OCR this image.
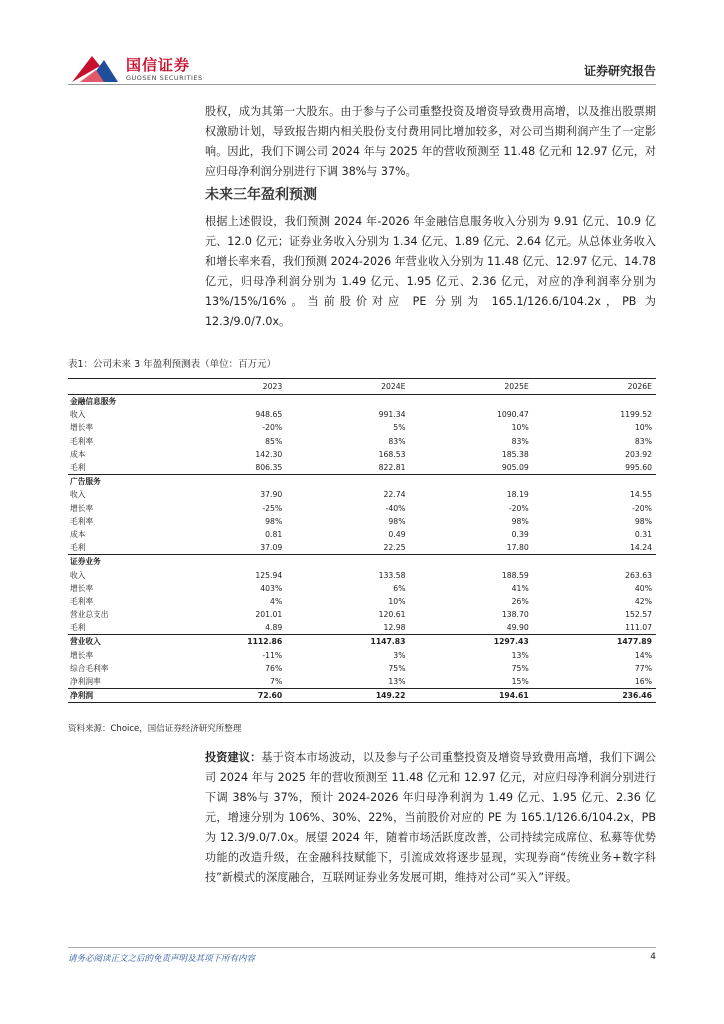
国信证券
GUOSEN SECURITIES	证券研究报告

股权，成为其第一大股东。由于参与子公司重整投资及增资导致费用高增，以及推出股票期权激励计划，导致报告期内相关股份支付费用同比增加较多，对公司当期利润产生了一定影响。因此，我们下调公司 2024 年与 2025 年的营收预测至 11.48 亿元和 12.97 亿元，对应归母净利润分别进行下调 38%与 37%。

未来三年盈利预测

根据上述假设，我们预测 2024 年-2026 年金融信息服务收入分别为 9.91 亿元、10.9 亿元、12.0 亿元；证券业务收入分别为 1.34 亿元、1.89 亿元、2.64 亿元。从总体业务收入和增长率来看，我们预测 2024-2026 年营业收入分别为 11.48 亿元、12.97 亿元、14.78 亿元，归母净利润分别为 1.49 亿元、1.95 亿元、2.36 亿元，对应的净利润率分别为 13%/15%/16%。当前股价对应 PE 分别为 165.1/126.6/104.2x，PB 为 12.3/9.0/7.0x。

表1：公司未来 3 年盈利预测表（单位：百万元）
	2023	2024E	2025E	2026E
金融信息服务				
收入	948.65	991.34	1090.47	1199.52
增长率	-20%	5%	10%	10%
毛利率	85%	83%	83%	83%
成本	142.30	168.53	185.38	203.92
毛利	806.35	822.81	905.09	995.60
广告服务				
收入	37.90	22.74	18.19	14.55
增长率	-25%	-40%	-20%	-20%
毛利率	98%	98%	98%	98%
成本	0.81	0.49	0.39	0.31
毛利	37.09	22.25	17.80	14.24
证券业务				
收入	125.94	133.58	188.59	263.63
增长率	403%	6%	41%	40%
毛利率	4%	10%	26%	42%
营业总支出	201.01	120.61	138.70	152.57
毛利	4.89	12.98	49.90	111.07
营业收入	1112.86	1147.83	1297.43	1477.89
增长率	-11%	3%	13%	14%
综合毛利率	76%	75%	75%	77%
净利润率	7%	13%	15%	16%
净利润	72.60	149.22	194.61	236.46
资料来源：Choice，国信证券经济研究所整理

投资建议：基于资本市场波动，以及参与子公司重整投资及增资导致费用高增，我们下调公司 2024 年与 2025 年的营收预测至 11.48 亿元和 12.97 亿元，对应归母净利润分别进行下调 38%与 37%，预计 2024-2026 年归母净利润为 1.49 亿元、1.95 亿元、2.36 亿元，增速分别为 106%、30%、22%，当前股价对应的 PE 为 165.1/126.6/104.2x，PB 为 12.3/9.0/7.0x。展望 2024 年，随着市场活跃度改善，公司持续完成席位、私募等优势功能的改造升级，在金融科技赋能下，引流成效将逐步显现，实现券商“传统业务+数字科技”新模式的深度融合，互联网证券业务发展可期，维持对公司“买入”评级。

请务必阅读正文之后的免责声明及其项下所有内容	4
